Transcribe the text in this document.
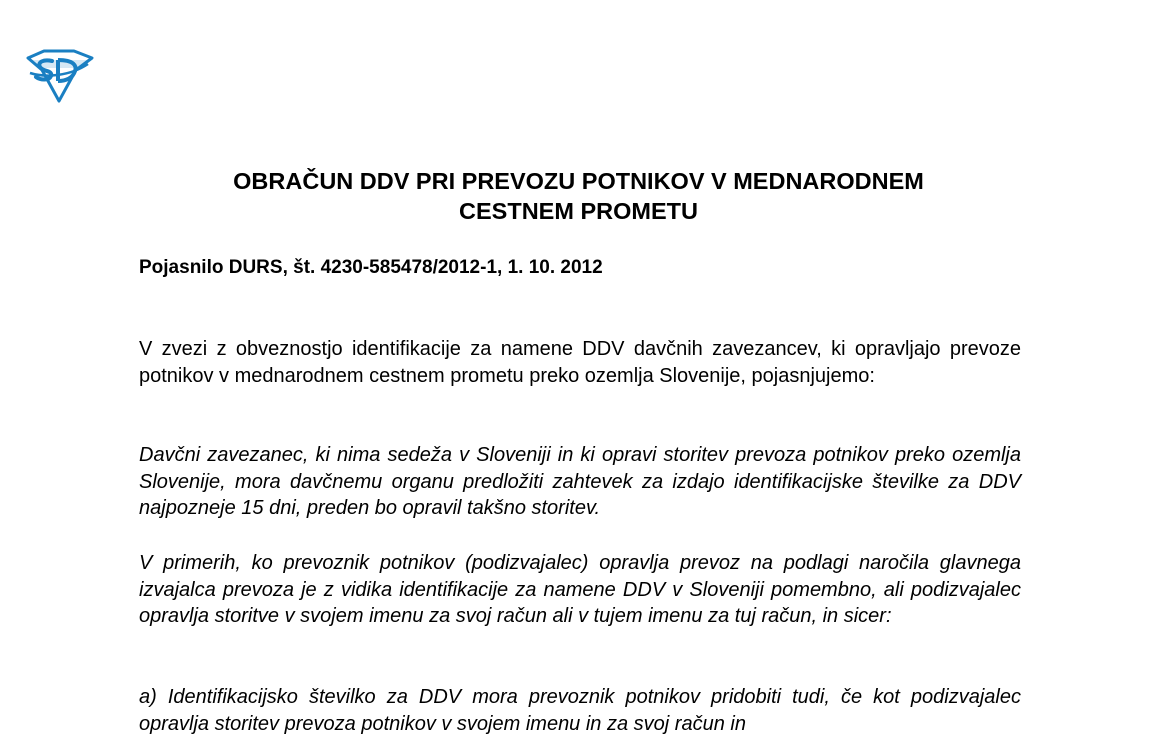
OBRAČUN DDV PRI PREVOZU POTNIKOV V MEDNARODNEM
CESTNEM PROMETU
Pojasnilo DURS, št. 4230-585478/2012-1, 1. 10. 2012
V zvezi z obveznostjo identifikacije za namene DDV davčnih zavezancev, ki opravljajo prevoze potnikov v mednarodnem cestnem prometu preko ozemlja Slovenije, pojasnjujemo:
Davčni zavezanec, ki nima sedeža v Sloveniji in ki opravi storitev prevoza potnikov preko ozemlja Slovenije, mora davčnemu organu predložiti zahtevek za izdajo identifikacijske številke za DDV najpozneje 15 dni, preden bo opravil takšno storitev.
V primerih, ko prevoznik potnikov (podizvajalec) opravlja prevoz na podlagi naročila glavnega izvajalca prevoza je z vidika identifikacije za namene DDV v Sloveniji pomembno, ali podizvajalec opravlja storitve v svojem imenu za svoj račun ali v tujem imenu za tuj račun, in sicer:
a) Identifikacijsko številko za DDV mora prevoznik potnikov pridobiti tudi, če kot podizvajalec opravlja storitev prevoza potnikov v svojem imenu in za svoj račun in
